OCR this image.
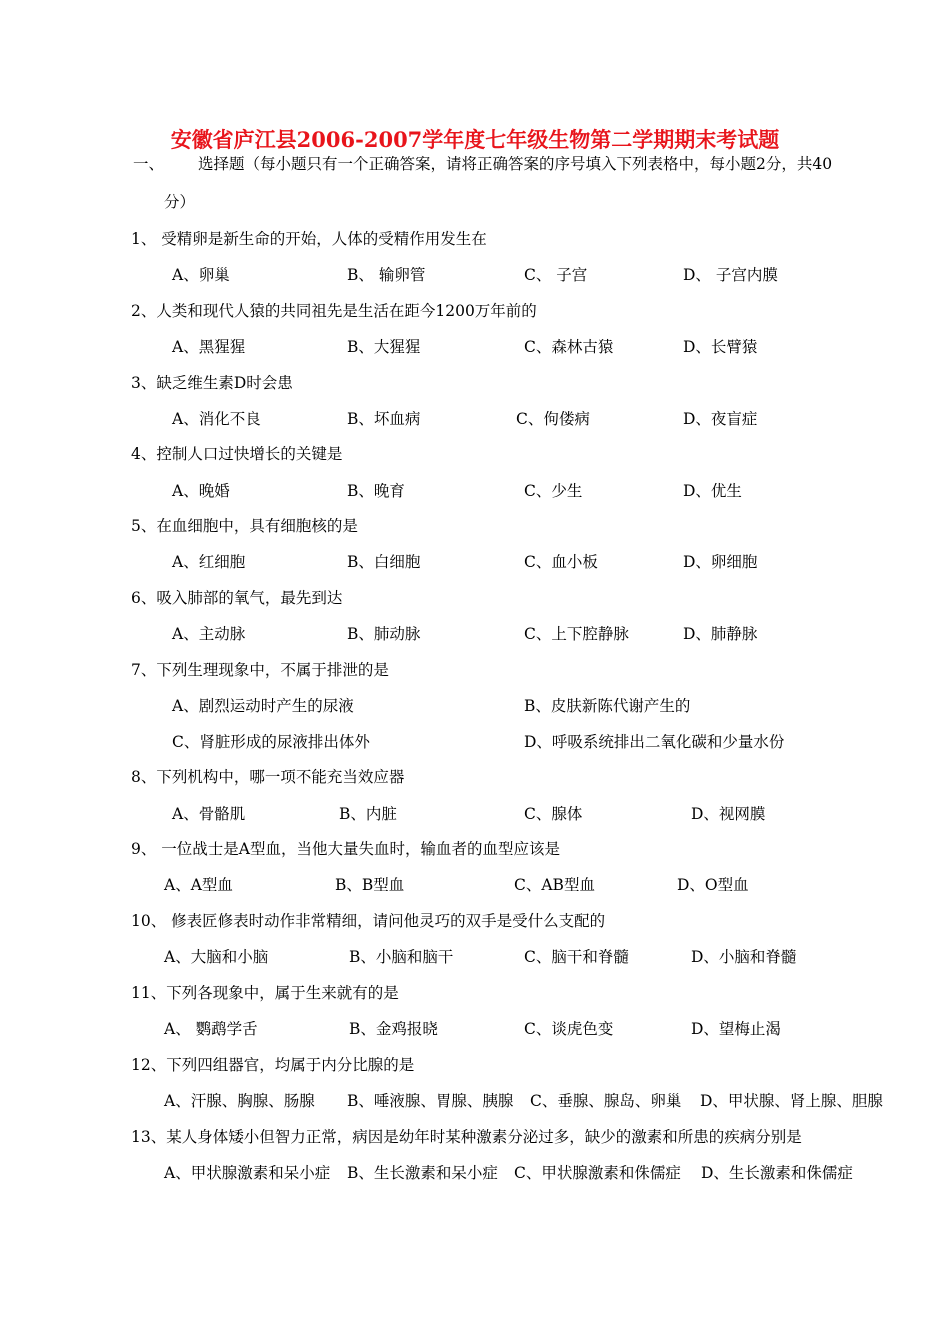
安徽省庐江县2006-2007学年度七年级生物第二学期期末考试题
一、 选择题（每小题只有一个正确答案，请将正确答案的序号填入下列表格中，每小题2分，共40
分）
1、 受精卵是新生命的开始，人体的受精作用发生在
A、卵巢	B、 输卵管	C、 子宫	D、 子宫内膜
2、人类和现代人猿的共同祖先是生活在距今1200万年前的
A、黑猩猩	B、大猩猩	C、森林古猿	D、长臂猿
3、缺乏维生素D时会患
A、消化不良	B、坏血病	C、佝偻病	D、夜盲症
4、控制人口过快增长的关键是
A、晚婚	B、晚育	C、少生	D、优生
5、在血细胞中，具有细胞核的是
A、红细胞	B、白细胞	C、血小板	D、卵细胞
6、吸入肺部的氧气，最先到达
A、主动脉	B、肺动脉	C、上下腔静脉	D、肺静脉
7、下列生理现象中，不属于排泄的是
A、剧烈运动时产生的尿液	B、皮肤新陈代谢产生的
C、肾脏形成的尿液排出体外	D、呼吸系统排出二氧化碳和少量水份
8、下列机构中，哪一项不能充当效应器
A、骨骼肌	B、内脏	C、腺体	D、视网膜
9、 一位战士是A型血，当他大量失血时，输血者的血型应该是
A、A型血	B、B型血	C、AB型血	D、O型血
10、 修表匠修表时动作非常精细，请问他灵巧的双手是受什么支配的
A、大脑和小脑	B、小脑和脑干	C、脑干和脊髓	D、小脑和脊髓
11、下列各现象中，属于生来就有的是
A、 鹦鹉学舌	B、金鸡报晓	C、谈虎色变	D、望梅止渴
12、下列四组器官，均属于内分比腺的是
A、汗腺、胸腺、肠腺 B、唾液腺、胃腺、胰腺 C、垂腺、腺岛、卵巢 D、甲状腺、肾上腺、胆腺
13、某人身体矮小但智力正常，病因是幼年时某种激素分泌过多，缺少的激素和所患的疾病分别是
A、甲状腺激素和呆小症 B、生长激素和呆小症 C、甲状腺激素和侏儒症 D、生长激素和侏儒症
